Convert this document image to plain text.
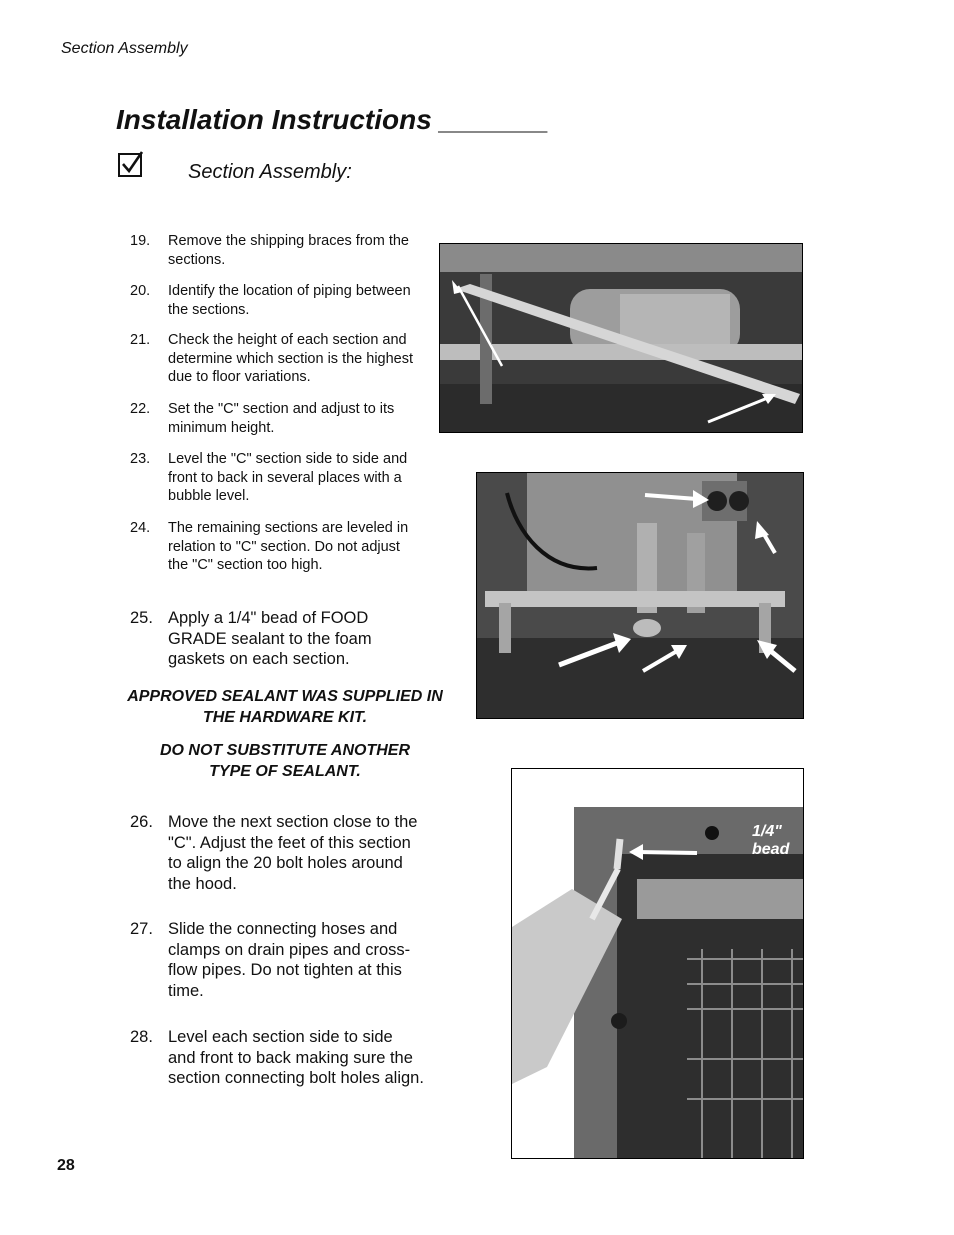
Section Assembly
Installation Instructions _______
Section Assembly:
19. Remove the shipping braces from the sections.
20. Identify the location of piping between the sections.
21. Check the height of each section and determine which section is the highest due to floor variations.
22. Set the "C" section and adjust to its minimum height.
23. Level the "C" section side to side and front to back in several places with a bubble level.
24. The remaining sections are leveled in relation to "C" section. Do not adjust the "C" section too high.
25. Apply a 1/4" bead of FOOD GRADE sealant to the foam gaskets on each section.
APPROVED SEALANT WAS SUPPLIED IN THE HARDWARE KIT.
DO NOT SUBSTITUTE ANOTHER TYPE OF SEALANT.
26. Move the next section close to the "C". Adjust the feet of this section to align the 20 bolt holes around the hood.
27. Slide the connecting hoses and clamps on drain pipes and cross-flow pipes. Do not tighten at this time.
28. Level each section side to side and front to back making sure the section connecting bolt holes align.
1/4"
bead
28
